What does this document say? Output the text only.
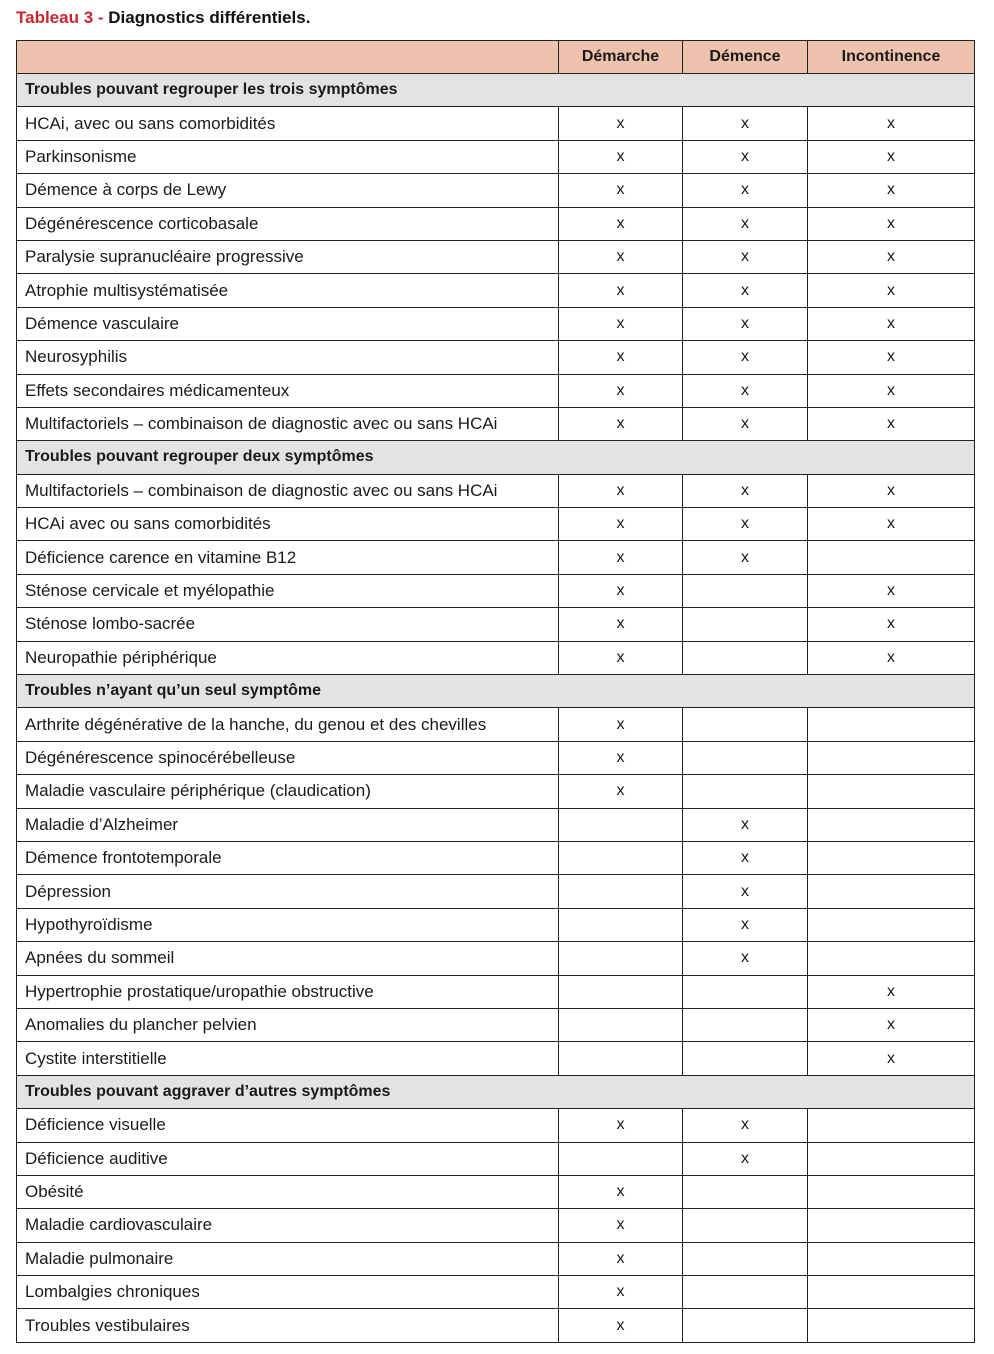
Tableau 3 - Diagnostics différentiels.
	Démarche	Démence	Incontinence
Troubles pouvant regrouper les trois symptômes			
HCAi, avec ou sans comorbidités	x	x	x
Parkinsonisme	x	x	x
Démence à corps de Lewy	x	x	x
Dégénérescence corticobasale	x	x	x
Paralysie supranucléaire progressive	x	x	x
Atrophie multisystématisée	x	x	x
Démence vasculaire	x	x	x
Neurosyphilis	x	x	x
Effets secondaires médicamenteux	x	x	x
Multifactoriels – combinaison de diagnostic avec ou sans HCAi	x	x	x
Troubles pouvant regrouper deux symptômes			
Multifactoriels – combinaison de diagnostic avec ou sans HCAi	x	x	x
HCAi avec ou sans comorbidités	x	x	x
Déficience carence en vitamine B12	x	x	
Sténose cervicale et myélopathie	x		x
Sténose lombo-sacrée	x		x
Neuropathie périphérique	x		x
Troubles n’ayant qu’un seul symptôme			
Arthrite dégénérative de la hanche, du genou et des chevilles	x		
Dégénérescence spinocérébelleuse	x		
Maladie vasculaire périphérique (claudication)	x		
Maladie d’Alzheimer		x	
Démence frontotemporale		x	
Dépression		x	
Hypothyroïdisme		x	
Apnées du sommeil		x	
Hypertrophie prostatique/uropathie obstructive			x
Anomalies du plancher pelvien			x
Cystite interstitielle			x
Troubles pouvant aggraver d’autres symptômes			
Déficience visuelle	x	x	
Déficience auditive		x	
Obésité	x		
Maladie cardiovasculaire	x		
Maladie pulmonaire	x		
Lombalgies chroniques	x		
Troubles vestibulaires	x		
